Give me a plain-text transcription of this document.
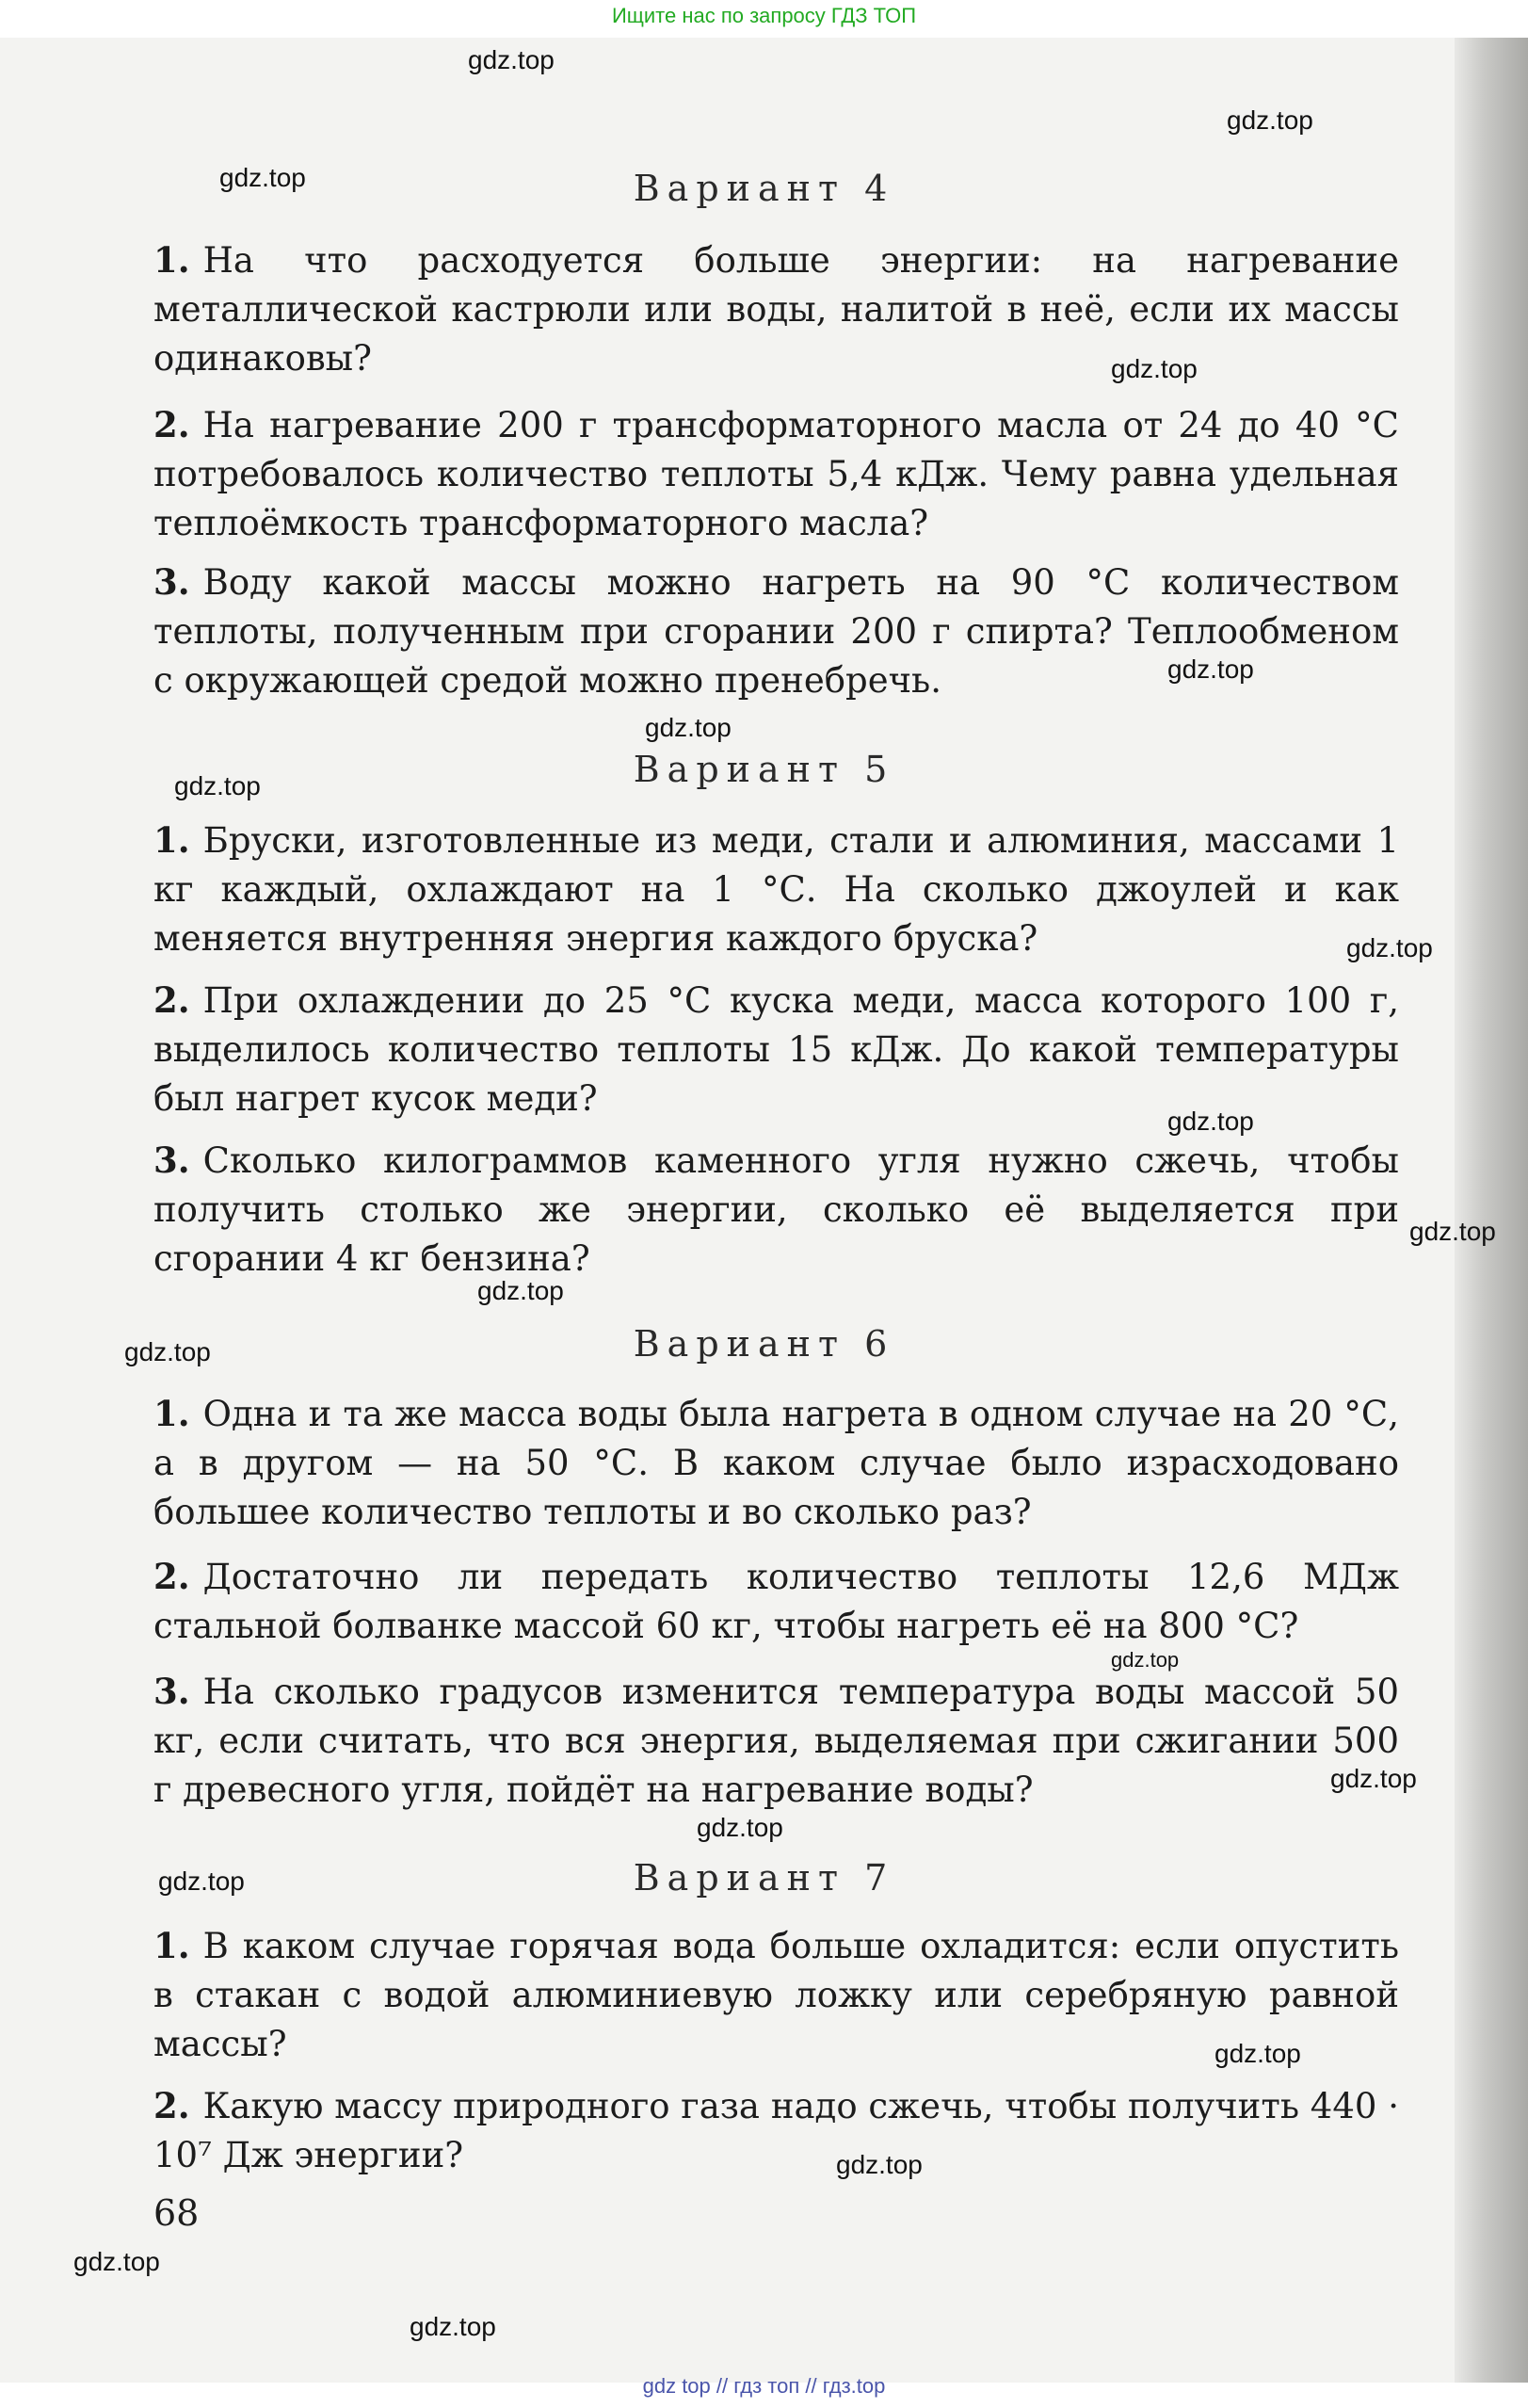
Ищите нас по запросу ГДЗ ТОП
Вариант 4

1. На что расходуется больше энергии: на нагревание металлической кастрюли или воды, налитой в неё, если их массы одинаковы?

2. На нагревание 200 г трансформаторного масла от 24 до 40 °С потребовалось количество теплоты 5,4 кДж. Чему равна удельная теплоёмкость трансформаторного масла?

3. Воду какой массы можно нагреть на 90 °С количеством теплоты, полученным при сгорании 200 г спирта? Теплообменом с окружающей средой можно пренебречь.

Вариант 5

1. Бруски, изготовленные из меди, стали и алюминия, массами 1 кг каждый, охлаждают на 1 °С. На сколько джоулей и как меняется внутренняя энергия каждого бруска?

2. При охлаждении до 25 °С куска меди, масса которого 100 г, выделилось количество теплоты 15 кДж. До какой температуры был нагрет кусок меди?

3. Сколько килограммов каменного угля нужно сжечь, чтобы получить столько же энергии, сколько её выделяется при сгорании 4 кг бензина?

Вариант 6

1. Одна и та же масса воды была нагрета в одном случае на 20 °С, а в другом — на 50 °С. В каком случае было израсходовано большее количество теплоты и во сколько раз?

2. Достаточно ли передать количество теплоты 12,6 МДж стальной болванке массой 60 кг, чтобы нагреть её на 800 °С?

3. На сколько градусов изменится температура воды массой 50 кг, если считать, что вся энергия, выделяемая при сжигании 500 г древесного угля, пойдёт на нагревание воды?

Вариант 7

1. В каком случае горячая вода больше охладится: если опустить в стакан с водой алюминиевую ложку или серебряную равной массы?

2. Какую массу природного газа надо сжечь, чтобы получить 440 · 10⁷ Дж энергии?

68
gdz.top
gdz.top
gdz.top
gdz.top
gdz.top
gdz.top
gdz.top
gdz.top
gdz.top
gdz.top
gdz.top
gdz.top
gdz.top
gdz.top
gdz.top
gdz.top
gdz.top
gdz.top
gdz.top
gdz.top
gdz top // гдз топ // гдз.top
